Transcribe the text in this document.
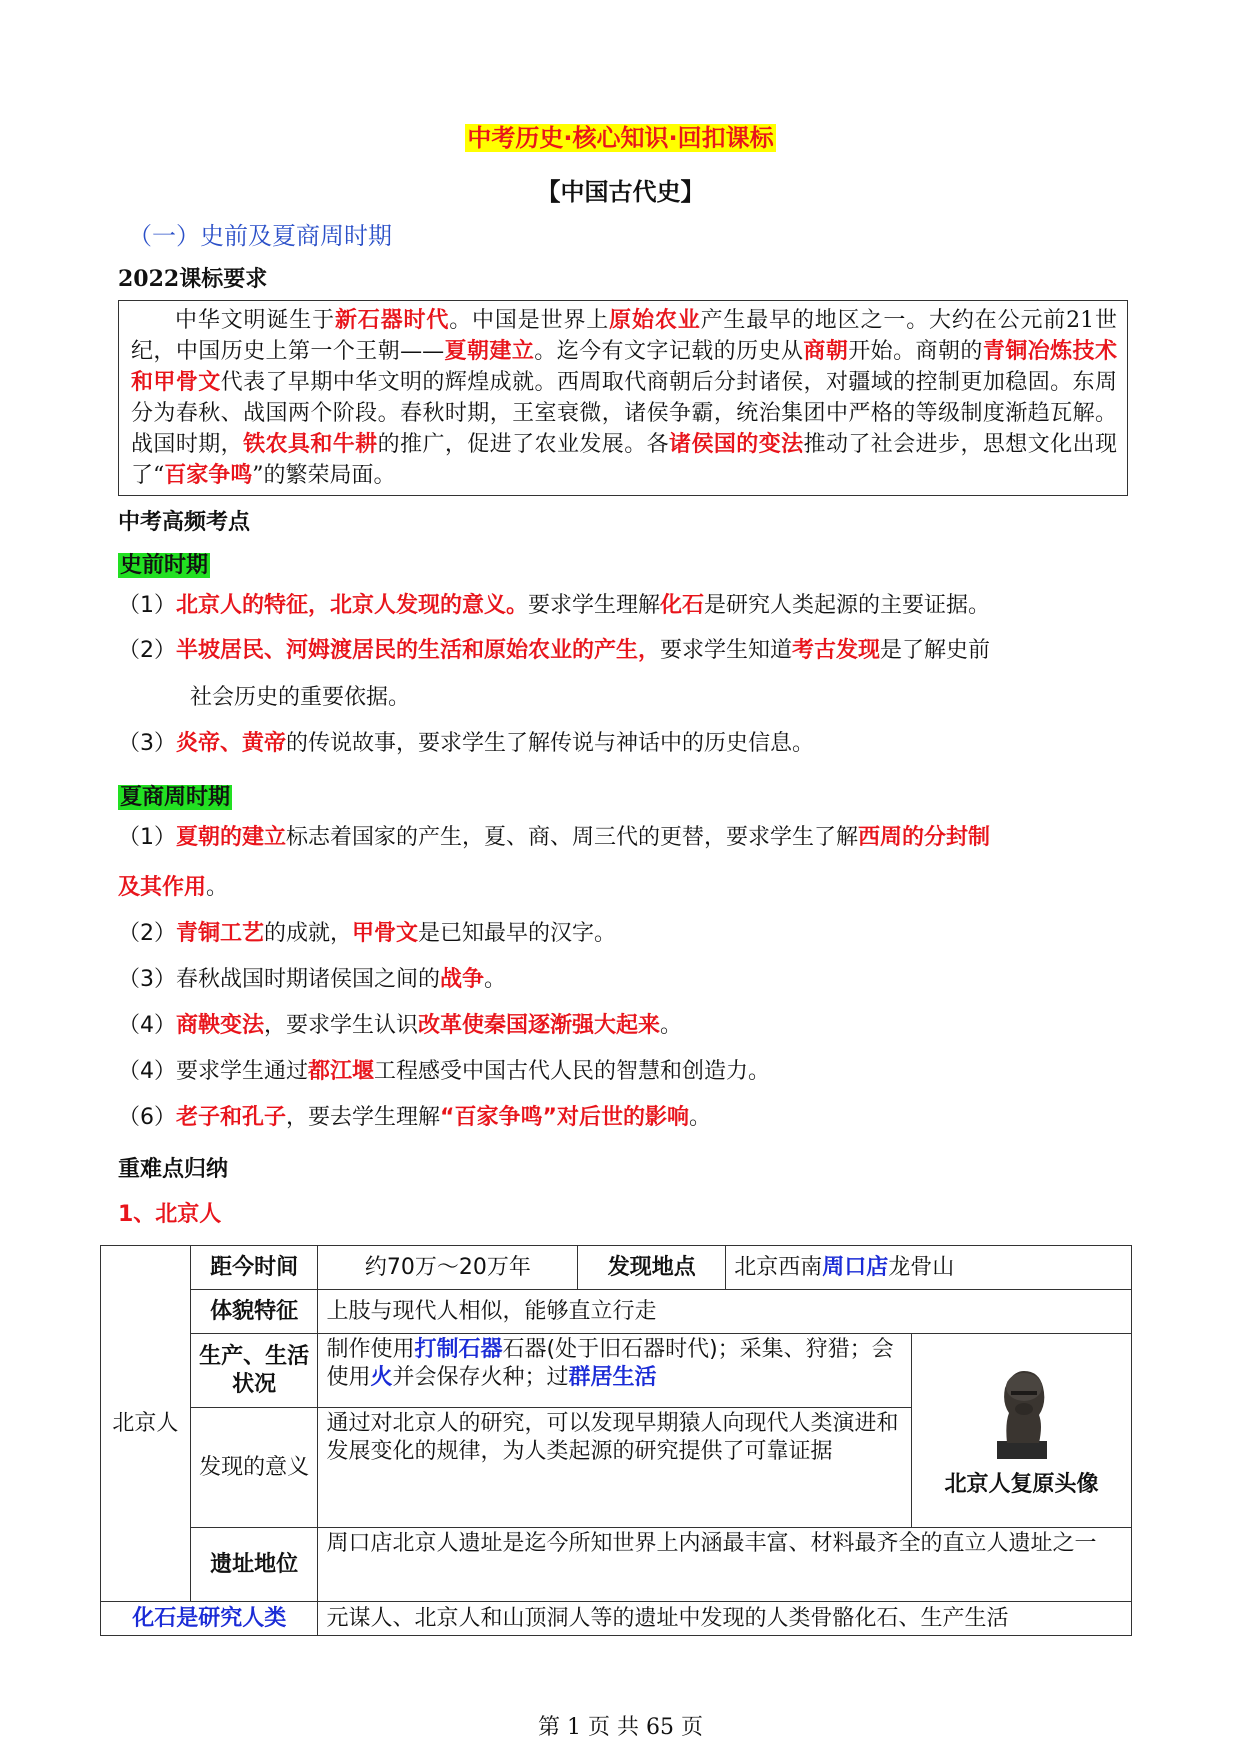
中考历史·核心知识·回扣课标
【中国古代史】
（一）史前及夏商周时期
2022课标要求

中华文明诞生于新石器时代。中国是世界上原始农业产生最早的地区之一。大约在公元前21世纪，中国历史上第一个王朝——夏朝建立。迄今有文字记载的历史从商朝开始。商朝的青铜冶炼技术和甲骨文代表了早期中华文明的辉煌成就。西周取代商朝后分封诸侯，对疆域的控制更加稳固。东周分为春秋、战国两个阶段。春秋时期，王室衰微，诸侯争霸，统治集团中严格的等级制度渐趋瓦解。战国时期，铁农具和牛耕的推广，促进了农业发展。各诸侯国的变法推动了社会进步，思想文化出现了“百家争鸣”的繁荣局面。

中考高频考点
史前时期
（1）北京人的特征，北京人发现的意义。要求学生理解化石是研究人类起源的主要证据。
（2）半坡居民、河姆渡居民的生活和原始农业的产生，要求学生知道考古发现是了解史前
社会历史的重要依据。
（3）炎帝、黄帝的传说故事，要求学生了解传说与神话中的历史信息。
夏商周时期
（1）夏朝的建立标志着国家的产生，夏、商、周三代的更替，要求学生了解西周的分封制
及其作用。
（2）青铜工艺的成就，甲骨文是已知最早的汉字。
（3）春秋战国时期诸侯国之间的战争。
（4）商鞅变法，要求学生认识改革使秦国逐渐强大起来。
（4）要求学生通过都江堰工程感受中国古代人民的智慧和创造力。
（6）老子和孔子，要去学生理解“百家争鸣”对后世的影响。
重难点归纳
1、北京人
北京人	距今时间	约70万～20万年	发现地点	北京西南周口店龙骨山	
	体貌特征	上肢与现代人相似，能够直立行走			
	生产、生活状况	制作使用打制石器石器(处于旧石器时代)；采集、狩猎；会使用火并会保存火种；过群居生活			北京人复原头像

	发现的意义	通过对北京人的研究，可以发现早期猿人向现代人类演进和发展变化的规律，为人类起源的研究提供了可靠证据			
	遗址地位	周口店北京人遗址是迄今所知世界上内涵最丰富、材料最齐全的直立人遗址之一			
化石是研究人类		元谋人、北京人和山顶洞人等的遗址中发现的人类骨骼化石、生产生活			
第 1 页 共 65 页
